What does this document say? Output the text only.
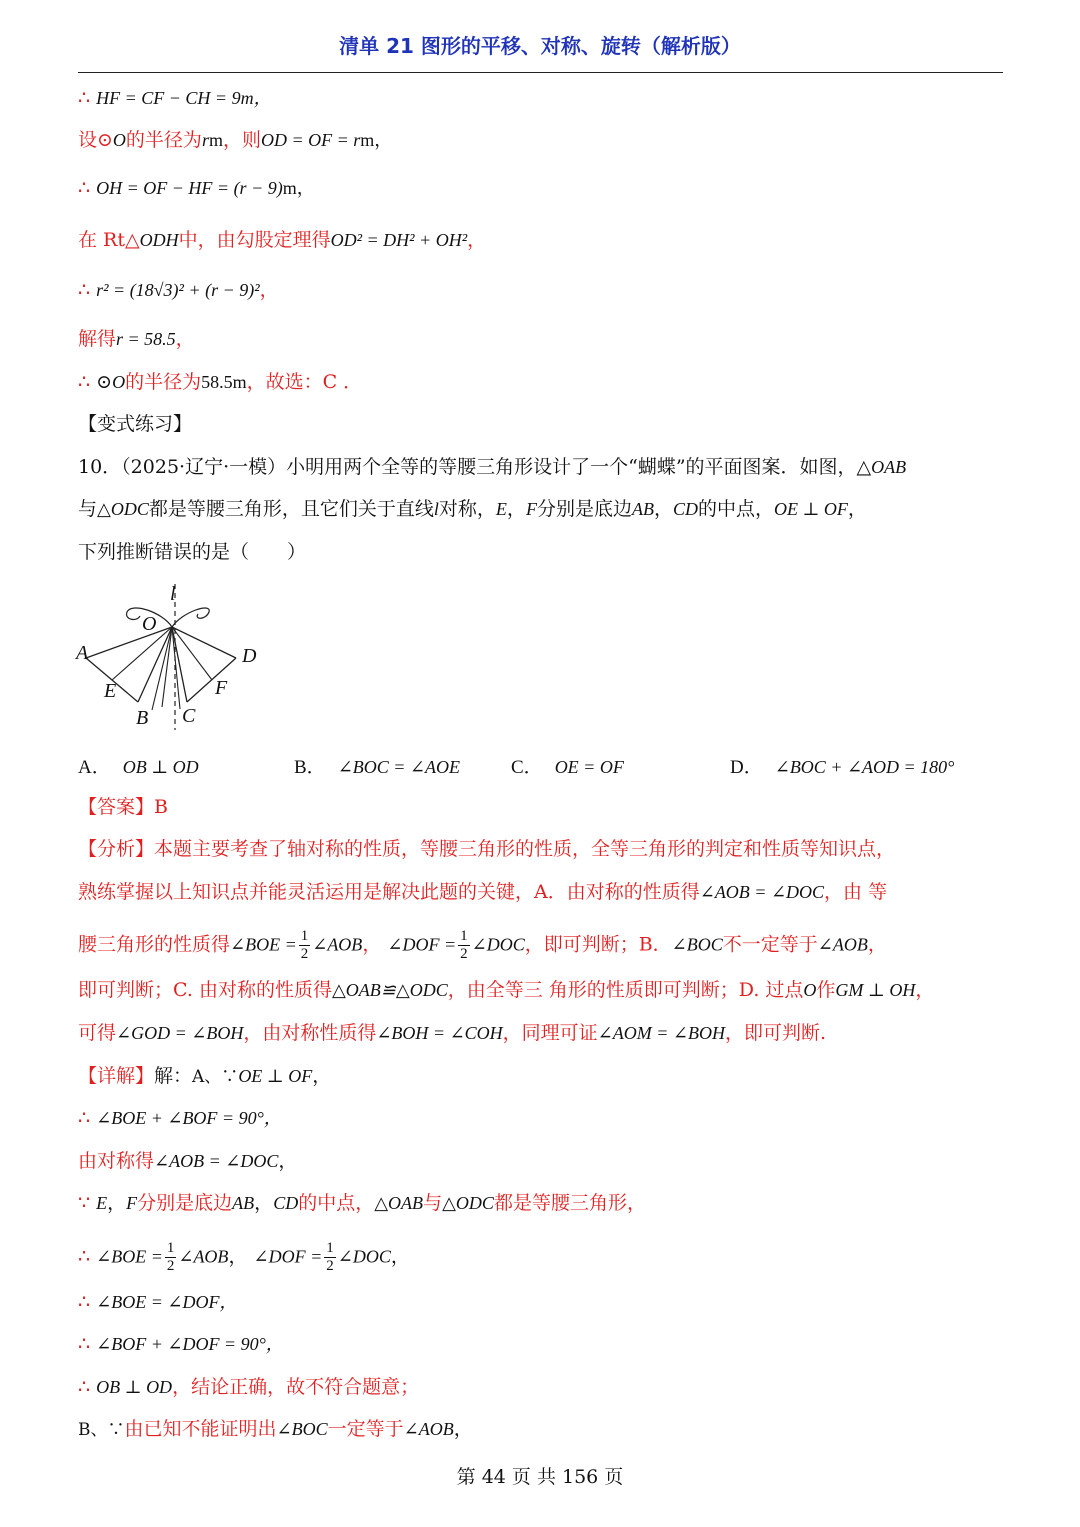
清单 21 图形的平移、对称、旋转（解析版）
∴ HF = CF − CH = 9m，
设⊙O的半径为rm，则OD = OF = rm，
∴ OH = OF − HF = (r − 9)m，
在 Rt△ODH中，由勾股定理得OD² = DH² + OH²，
∴ r² = (18√3)² + (r − 9)²，
解得r = 58.5，
∴ ⊙O的半径为58.5m，故选：C ．
【变式练习】
10．（2025·辽宁·一模）小明用两个全等的等腰三角形设计了一个“蝴蝶”的平面图案．如图，△OAB
与△ODC都是等腰三角形，且它们关于直线l对称，E，F分别是底边AB，CD的中点，OE ⊥ OF，
下列推断错误的是（　　）
l
O
A	D
E	F
B C
A． OB ⊥ OD	B． ∠BOC = ∠AOE	C． OE = OF	D． ∠BOC + ∠AOD = 180°
【答案】B
【分析】本题主要考查了轴对称的性质，等腰三角形的性质，全等三角形的判定和性质等知识点，
熟练掌握以上知识点并能灵活运用是解决此题的关键，A．由对称的性质得∠AOB = ∠DOC，由 等
腰三角形的性质得∠BOE = $\frac{1}{2}$ ∠AOB， ∠DOF = $\frac{1}{2}$ ∠DOC，即可判断；B．∠BOC不一定等于∠AOB，
即可判断；C. 由对称的性质得△OAB≌△ODC，由全等三 角形的性质即可判断；D. 过点O作GM ⊥ OH，
可得∠GOD = ∠BOH，由对称性质得∠BOH = ∠COH，同理可证∠AOM = ∠BOH，即可判断.
【详解】解：A、∵OE ⊥ OF，
∴ ∠BOE + ∠BOF = 90°，
由对称得∠AOB = ∠DOC，
∵ E，F分别是底边AB，CD的中点，△OAB与△ODC都是等腰三角形，
∴ ∠BOE = $\frac{1}{2}$ ∠AOB， ∠DOF = $\frac{1}{2}$ ∠DOC，
∴ ∠BOE = ∠DOF，
∴ ∠BOF + ∠DOF = 90°，
∴ OB ⊥ OD，结论正确，故不符合题意；
B、∵由已知不能证明出∠BOC一定等于∠AOB，
第 44 页 共 156 页
